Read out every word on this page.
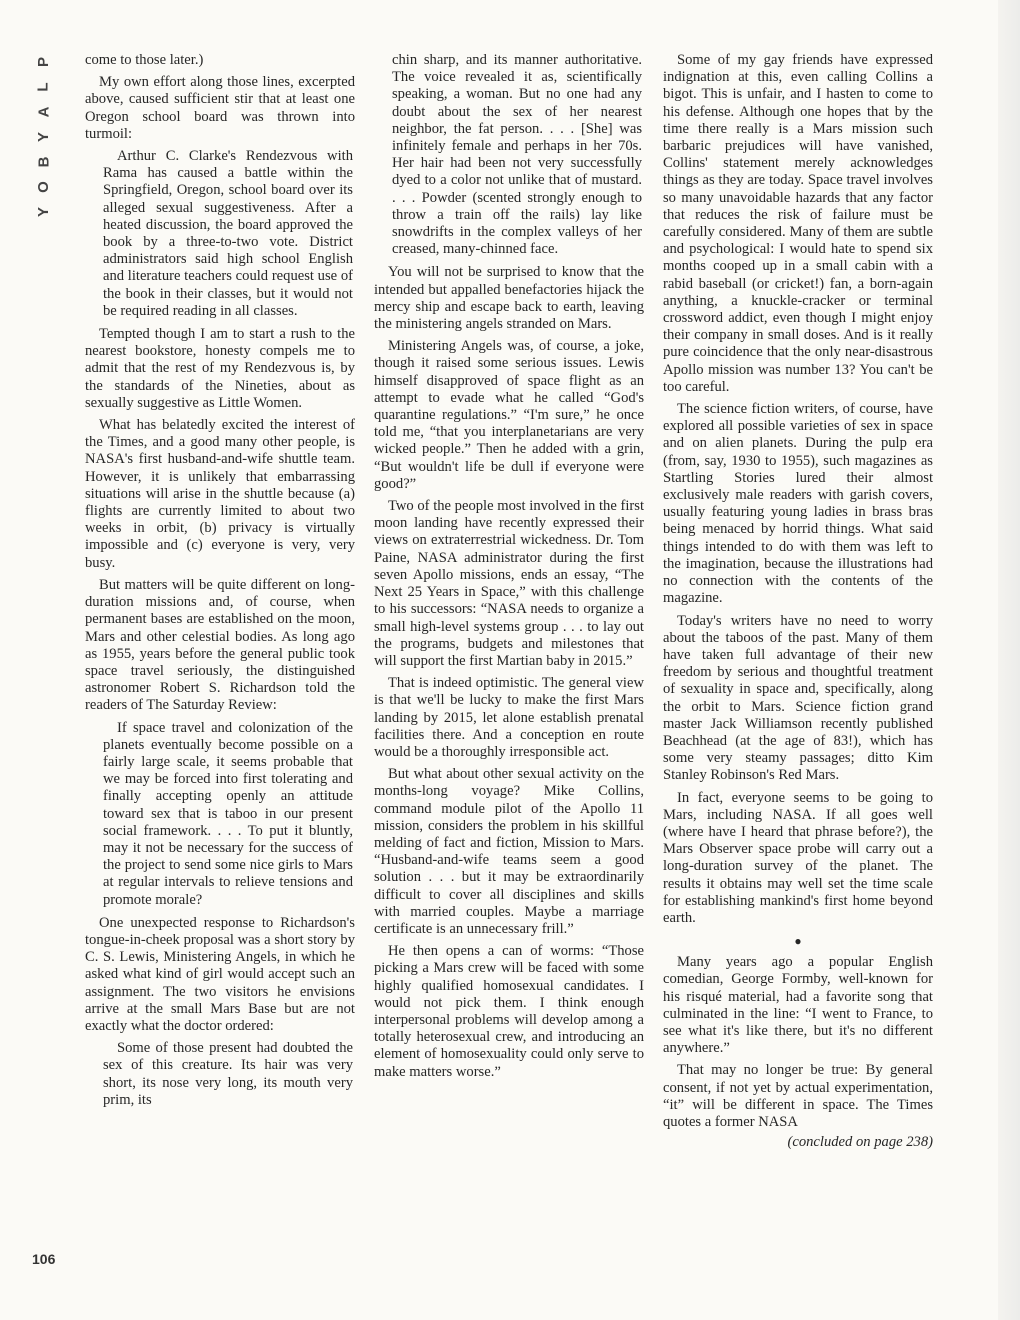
P
L
A
Y
B
O
Y
106

come to those later.)

My own effort along those lines, excerpted above, caused sufficient stir that at least one Oregon school board was thrown into turmoil:

Arthur C. Clarke's Rendezvous with Rama has caused a battle within the Springfield, Oregon, school board over its alleged sexual suggestiveness. After a heated discussion, the board approved the book by a three-to-two vote. District administrators said high school English and literature teachers could request use of the book in their classes, but it would not be required reading in all classes.

Tempted though I am to start a rush to the nearest bookstore, honesty compels me to admit that the rest of my Rendezvous is, by the standards of the Nineties, about as sexually suggestive as Little Women.

What has belatedly excited the interest of the Times, and a good many other people, is NASA's first husband-and-wife shuttle team. However, it is unlikely that embarrassing situations will arise in the shuttle because (a) flights are currently limited to about two weeks in orbit, (b) privacy is virtually impossible and (c) everyone is very, very busy.

But matters will be quite different on long-duration missions and, of course, when permanent bases are established on the moon, Mars and other celestial bodies. As long ago as 1955, years before the general public took space travel seriously, the distinguished astronomer Robert S. Richardson told the readers of The Saturday Review:

If space travel and colonization of the planets eventually become possible on a fairly large scale, it seems probable that we may be forced into first tolerating and finally accepting openly an attitude toward sex that is taboo in our present social framework. . . . To put it bluntly, may it not be necessary for the success of the project to send some nice girls to Mars at regular intervals to relieve tensions and promote morale?

One unexpected response to Richardson's tongue-in-cheek proposal was a short story by C. S. Lewis, Ministering Angels, in which he asked what kind of girl would accept such an assignment. The two visitors he envisions arrive at the small Mars Base but are not exactly what the doctor ordered:

Some of those present had doubted the sex of this creature. Its hair was very short, its nose very long, its mouth very prim, its

chin sharp, and its manner authoritative. The voice revealed it as, scientifically speaking, a woman. But no one had any doubt about the sex of her nearest neighbor, the fat person. . . . [She] was infinitely female and perhaps in her 70s. Her hair had been not very successfully dyed to a color not unlike that of mustard. . . . Powder (scented strongly enough to throw a train off the rails) lay like snowdrifts in the complex valleys of her creased, many-chinned face.

You will not be surprised to know that the intended but appalled benefactories hijack the mercy ship and escape back to earth, leaving the ministering angels stranded on Mars.

Ministering Angels was, of course, a joke, though it raised some serious issues. Lewis himself disapproved of space flight as an attempt to evade what he called “God's quarantine regulations.” “I'm sure,” he once told me, “that you interplanetarians are very wicked people.” Then he added with a grin, “But wouldn't life be dull if everyone were good?”

Two of the people most involved in the first moon landing have recently expressed their views on extraterrestrial wickedness. Dr. Tom Paine, NASA administrator during the first seven Apollo missions, ends an essay, “The Next 25 Years in Space,” with this challenge to his successors: “NASA needs to organize a small high-level systems group . . . to lay out the programs, budgets and milestones that will support the first Martian baby in 2015.”

That is indeed optimistic. The general view is that we'll be lucky to make the first Mars landing by 2015, let alone establish prenatal facilities there. And a conception en route would be a thoroughly irresponsible act.

But what about other sexual activity on the months-long voyage? Mike Collins, command module pilot of the Apollo 11 mission, considers the problem in his skillful melding of fact and fiction, Mission to Mars. “Husband-and-wife teams seem a good solution . . . but it may be extraordinarily difficult to cover all disciplines and skills with married couples. Maybe a marriage certificate is an unnecessary frill.”

He then opens a can of worms: “Those picking a Mars crew will be faced with some highly qualified homosexual candidates. I would not pick them. I think enough interpersonal problems will develop among a totally heterosexual crew, and introducing an element of homosexuality could only serve to make matters worse.”

Some of my gay friends have expressed indignation at this, even calling Collins a bigot. This is unfair, and I hasten to come to his defense. Although one hopes that by the time there really is a Mars mission such barbaric prejudices will have vanished, Collins' statement merely acknowledges things as they are today. Space travel involves so many unavoidable hazards that any factor that reduces the risk of failure must be carefully considered. Many of them are subtle and psychological: I would hate to spend six months cooped up in a small cabin with a rabid baseball (or cricket!) fan, a born-again anything, a knuckle-cracker or terminal crossword addict, even though I might enjoy their company in small doses. And is it really pure coincidence that the only near-disastrous Apollo mission was number 13? You can't be too careful.

The science fiction writers, of course, have explored all possible varieties of sex in space and on alien planets. During the pulp era (from, say, 1930 to 1955), such magazines as Startling Stories lured their almost exclusively male readers with garish covers, usually featuring young ladies in brass bras being menaced by horrid things. What said things intended to do with them was left to the imagination, because the illustrations had no connection with the contents of the magazine.

Today's writers have no need to worry about the taboos of the past. Many of them have taken full advantage of their new freedom by serious and thoughtful treatment of sexuality in space and, specifically, along the orbit to Mars. Science fiction grand master Jack Williamson recently published Beachhead (at the age of 83!), which has some very steamy passages; ditto Kim Stanley Robinson's Red Mars.

In fact, everyone seems to be going to Mars, including NASA. If all goes well (where have I heard that phrase before?), the Mars Observer space probe will carry out a long-duration survey of the planet. The results it obtains may well set the time scale for establishing mankind's first home beyond earth.

●

Many years ago a popular English comedian, George Formby, well-known for his risqué material, had a favorite song that culminated in the line: “I went to France, to see what it's like there, but it's no different anywhere.”

That may no longer be true: By general consent, if not yet by actual experimentation, “it” will be different in space. The Times quotes a former NASA

(concluded on page 238)
